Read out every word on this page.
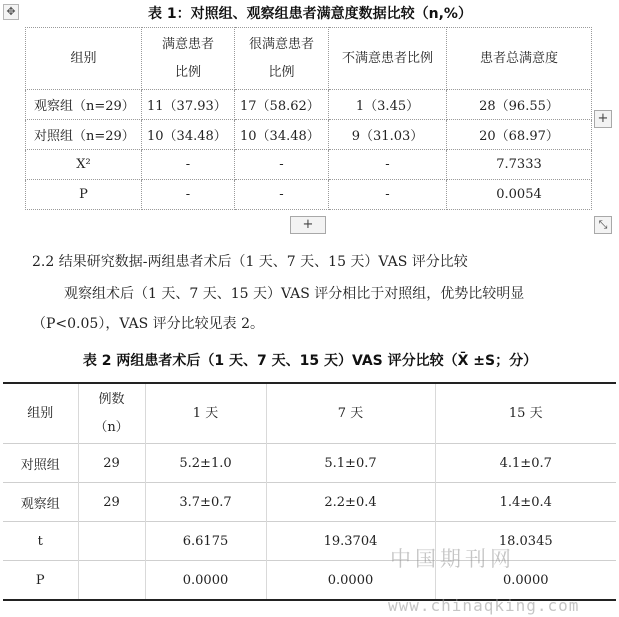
✥	表 1：对照组、观察组患者满意度数据比较（n,%）
组别	满意患者比例	很满意患者比例	不满意患者比例	患者总满意度
观察组（n=29）	11（37.93）	17（58.62）	1（3.45）	28（96.55）
对照组（n=29）	10（34.48）	10（34.48）	9（31.03）	20（68.97）
X²	-	-	-	7.7333
P	-	-	-	0.0054
+
+	⤡
2.2 结果研究数据-两组患者术后（1 天、7 天、15 天）VAS 评分比较
观察组术后（1 天、7 天、15 天）VAS 评分相比于对照组，优势比较明显
（P<0.05），VAS 评分比较见表 2。
表 2 两组患者术后（1 天、7 天、15 天）VAS 评分比较（X̄ ±S；分）
组别	例数（n）	1 天	7 天	15 天
对照组	29	5.2±1.0	5.1±0.7	4.1±0.7
观察组	29	3.7±0.7	2.2±0.4	1.4±0.4
t		6.6175	19.3704	18.0345
P		0.0000	0.0000	0.0000
中国期刊网
www.chinaqking.com
